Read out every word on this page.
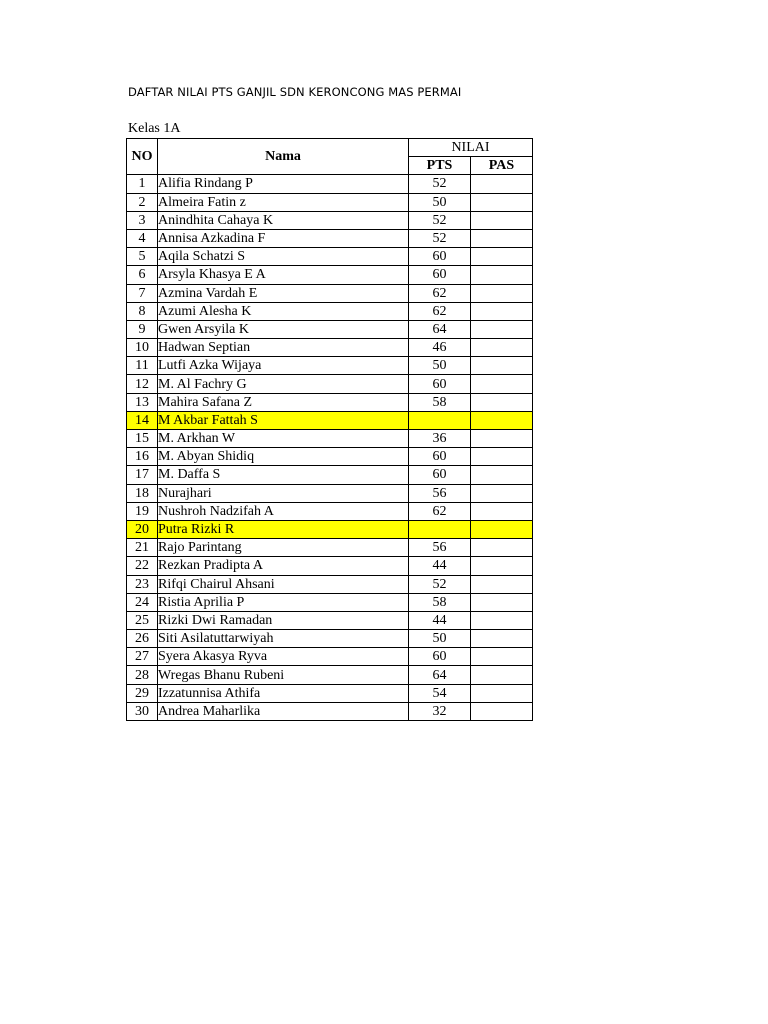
DAFTAR NILAI PTS GANJIL SDN KERONCONG MAS PERMAI
Kelas 1A
NO	Nama	NILAI	
		PTS	PAS
1	Alifia Rindang P	52	
2	Almeira Fatin z	50	
3	Anindhita Cahaya K	52	
4	Annisa Azkadina F	52	
5	Aqila Schatzi S	60	
6	Arsyla Khasya E A	60	
7	Azmina Vardah E	62	
8	Azumi Alesha K	62	
9	Gwen Arsyila K	64	
10	Hadwan Septian	46	
11	Lutfi Azka Wijaya	50	
12	M. Al Fachry G	60	
13	Mahira Safana Z	58	
14	M Akbar Fattah S		
15	M. Arkhan W	36	
16	M. Abyan Shidiq	60	
17	M. Daffa S	60	
18	Nurajhari	56	
19	Nushroh Nadzifah A	62	
20	Putra Rizki R		
21	Rajo Parintang	56	
22	Rezkan Pradipta A	44	
23	Rifqi Chairul Ahsani	52	
24	Ristia Aprilia P	58	
25	Rizki Dwi Ramadan	44	
26	Siti Asilatuttarwiyah	50	
27	Syera Akasya Ryva	60	
28	Wregas Bhanu Rubeni	64	
29	Izzatunnisa Athifa	54	
30	Andrea Maharlika	32	
